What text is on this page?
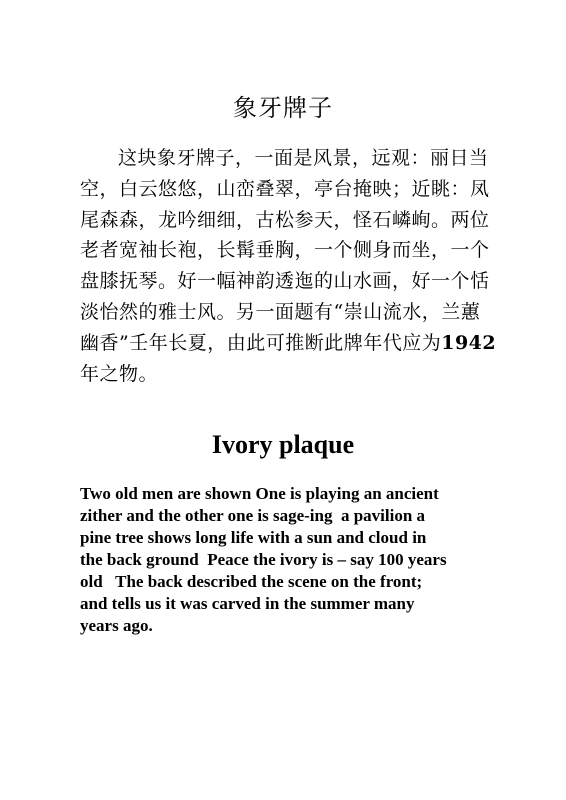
象牙牌子
这块象牙牌子，一面是风景，远观：丽日当
空，白云悠悠，山峦叠翠，亭台掩映；近眺：凤
尾森森，龙吟细细，古松参天，怪石嶙峋。两位
老者宽袖长袍，长髯垂胸，一个侧身而坐，一个
盘膝抚琴。好一幅神韵透迤的山水画，好一个恬
淡怡然的雅士风。另一面题有“崇山流水，兰蕙
幽香”壬年长夏，由此可推断此牌年代应为1942
年之物。
Ivory plaque
Two old men are shown One is playing an ancient
zither and the other one is sage-ing  a pavilion a
pine tree shows long life with a sun and cloud in
the back ground  Peace the ivory is – say 100 years
old   The back described the scene on the front;
and tells us it was carved in the summer many
years ago.
